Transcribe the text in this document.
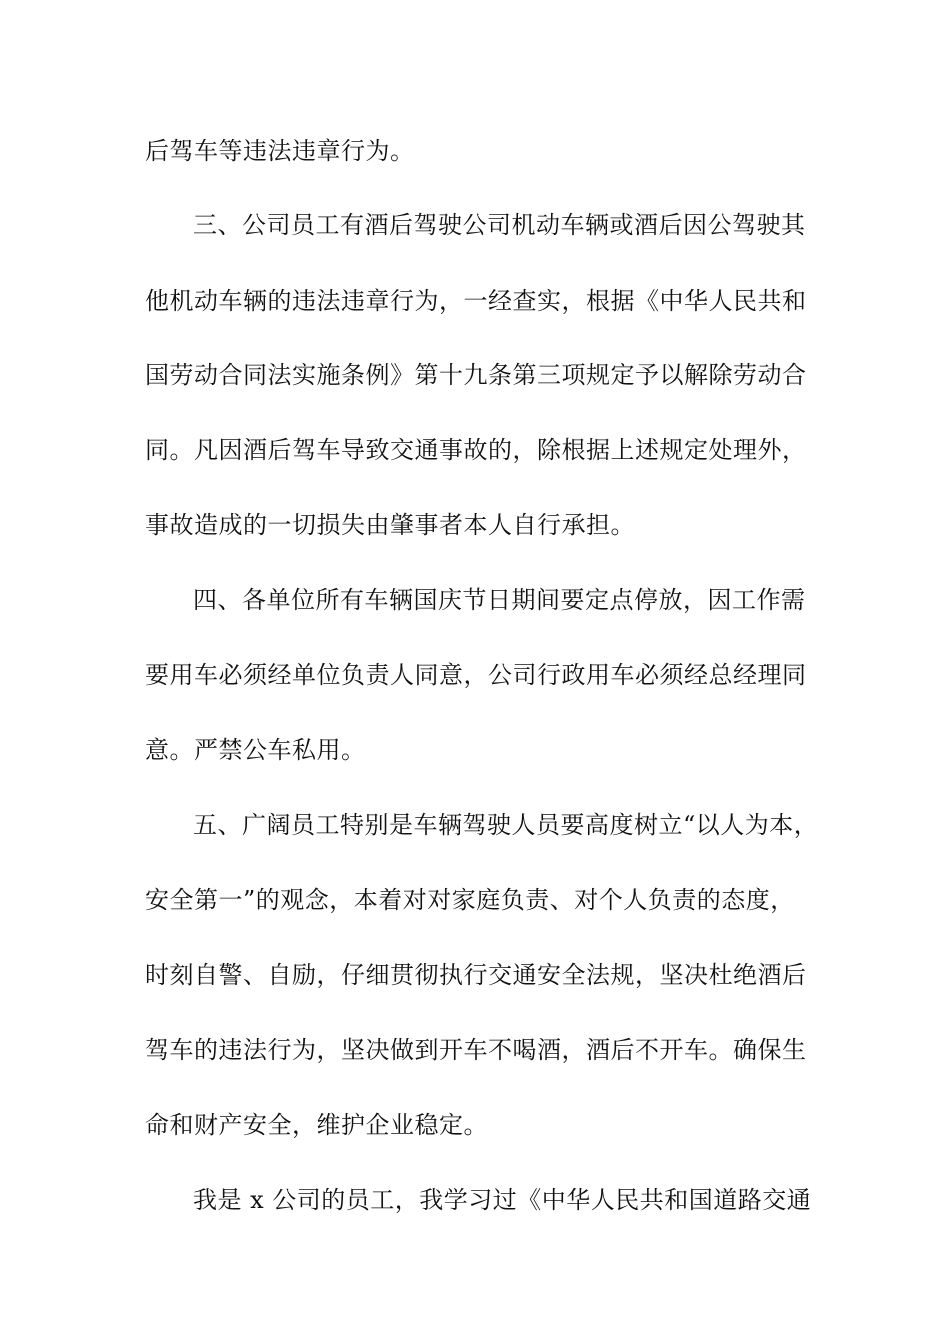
后驾车等违法违章行为。
三、公司员工有酒后驾驶公司机动车辆或酒后因公驾驶其
他机动车辆的违法违章行为，一经查实，根据《中华人民共和
国劳动合同法实施条例》第十九条第三项规定予以解除劳动合
同。凡因酒后驾车导致交通事故的，除根据上述规定处理外，
事故造成的一切损失由肇事者本人自行承担。
四、各单位所有车辆国庆节日期间要定点停放，因工作需
要用车必须经单位负责人同意，公司行政用车必须经总经理同
意。严禁公车私用。
五、广阔员工特别是车辆驾驶人员要高度树立“以人为本，
安全第一”的观念，本着对对家庭负责、对个人负责的态度，
时刻自警、自励，仔细贯彻执行交通安全法规，坚决杜绝酒后
驾车的违法行为，坚决做到开车不喝酒，酒后不开车。确保生
命和财产安全，维护企业稳定。
我是 x 公司的员工，我学习过《中华人民共和国道路交通
